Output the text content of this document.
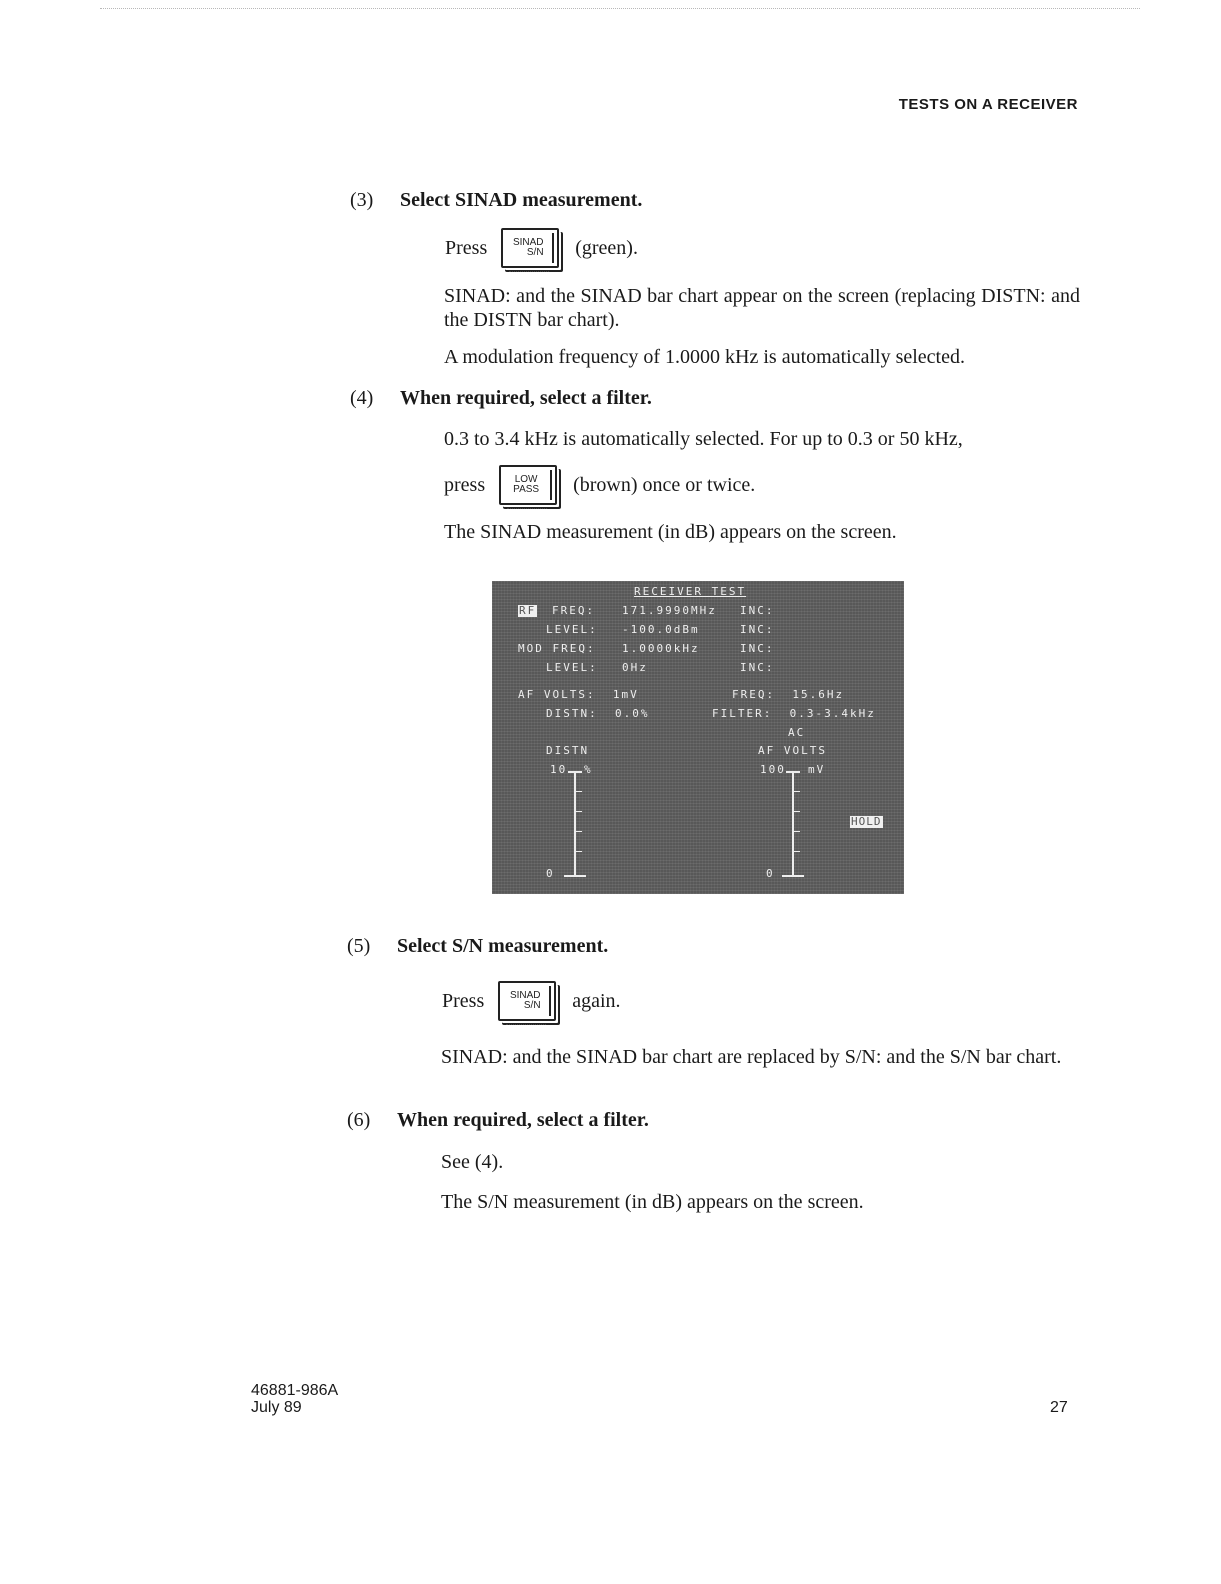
TESTS ON A RECEIVER
(3) Select SINAD measurement.
Press	SINAD
S/N	(green).
SINAD: and the SINAD bar chart appear on the screen (replacing DISTN: and the DISTN bar chart).
A modulation frequency of 1.0000 kHz is automatically selected.
(4) When required, select a filter.
0.3 to 3.4 kHz is automatically selected. For up to 0.3 or 50 kHz,
press	LOW
PASS	(brown) once or twice.
The SINAD measurement (in dB) appears on the screen.
RECEIVER TEST
RF FREQ: 171.9990MHz INC:
LEVEL: -100.0dBm	INC:
MOD FREQ: 1.0000kHz	INC:
LEVEL: 0Hz	INC:
AF VOLTS:  1mV	FREQ:  15.6Hz
DISTN:  0.0%	FILTER:  0.3-3.4kHz
AC
DISTN	AF VOLTS
10 %	100 mV
0	0
HOLD
(5) Select S/N measurement.
Press	SINAD
S/N	again.
SINAD: and the SINAD bar chart are replaced by S/N: and the S/N bar chart.
(6) When required, select a filter.
See (4).
The S/N measurement (in dB) appears on the screen.
46881-986A
July 89	27
